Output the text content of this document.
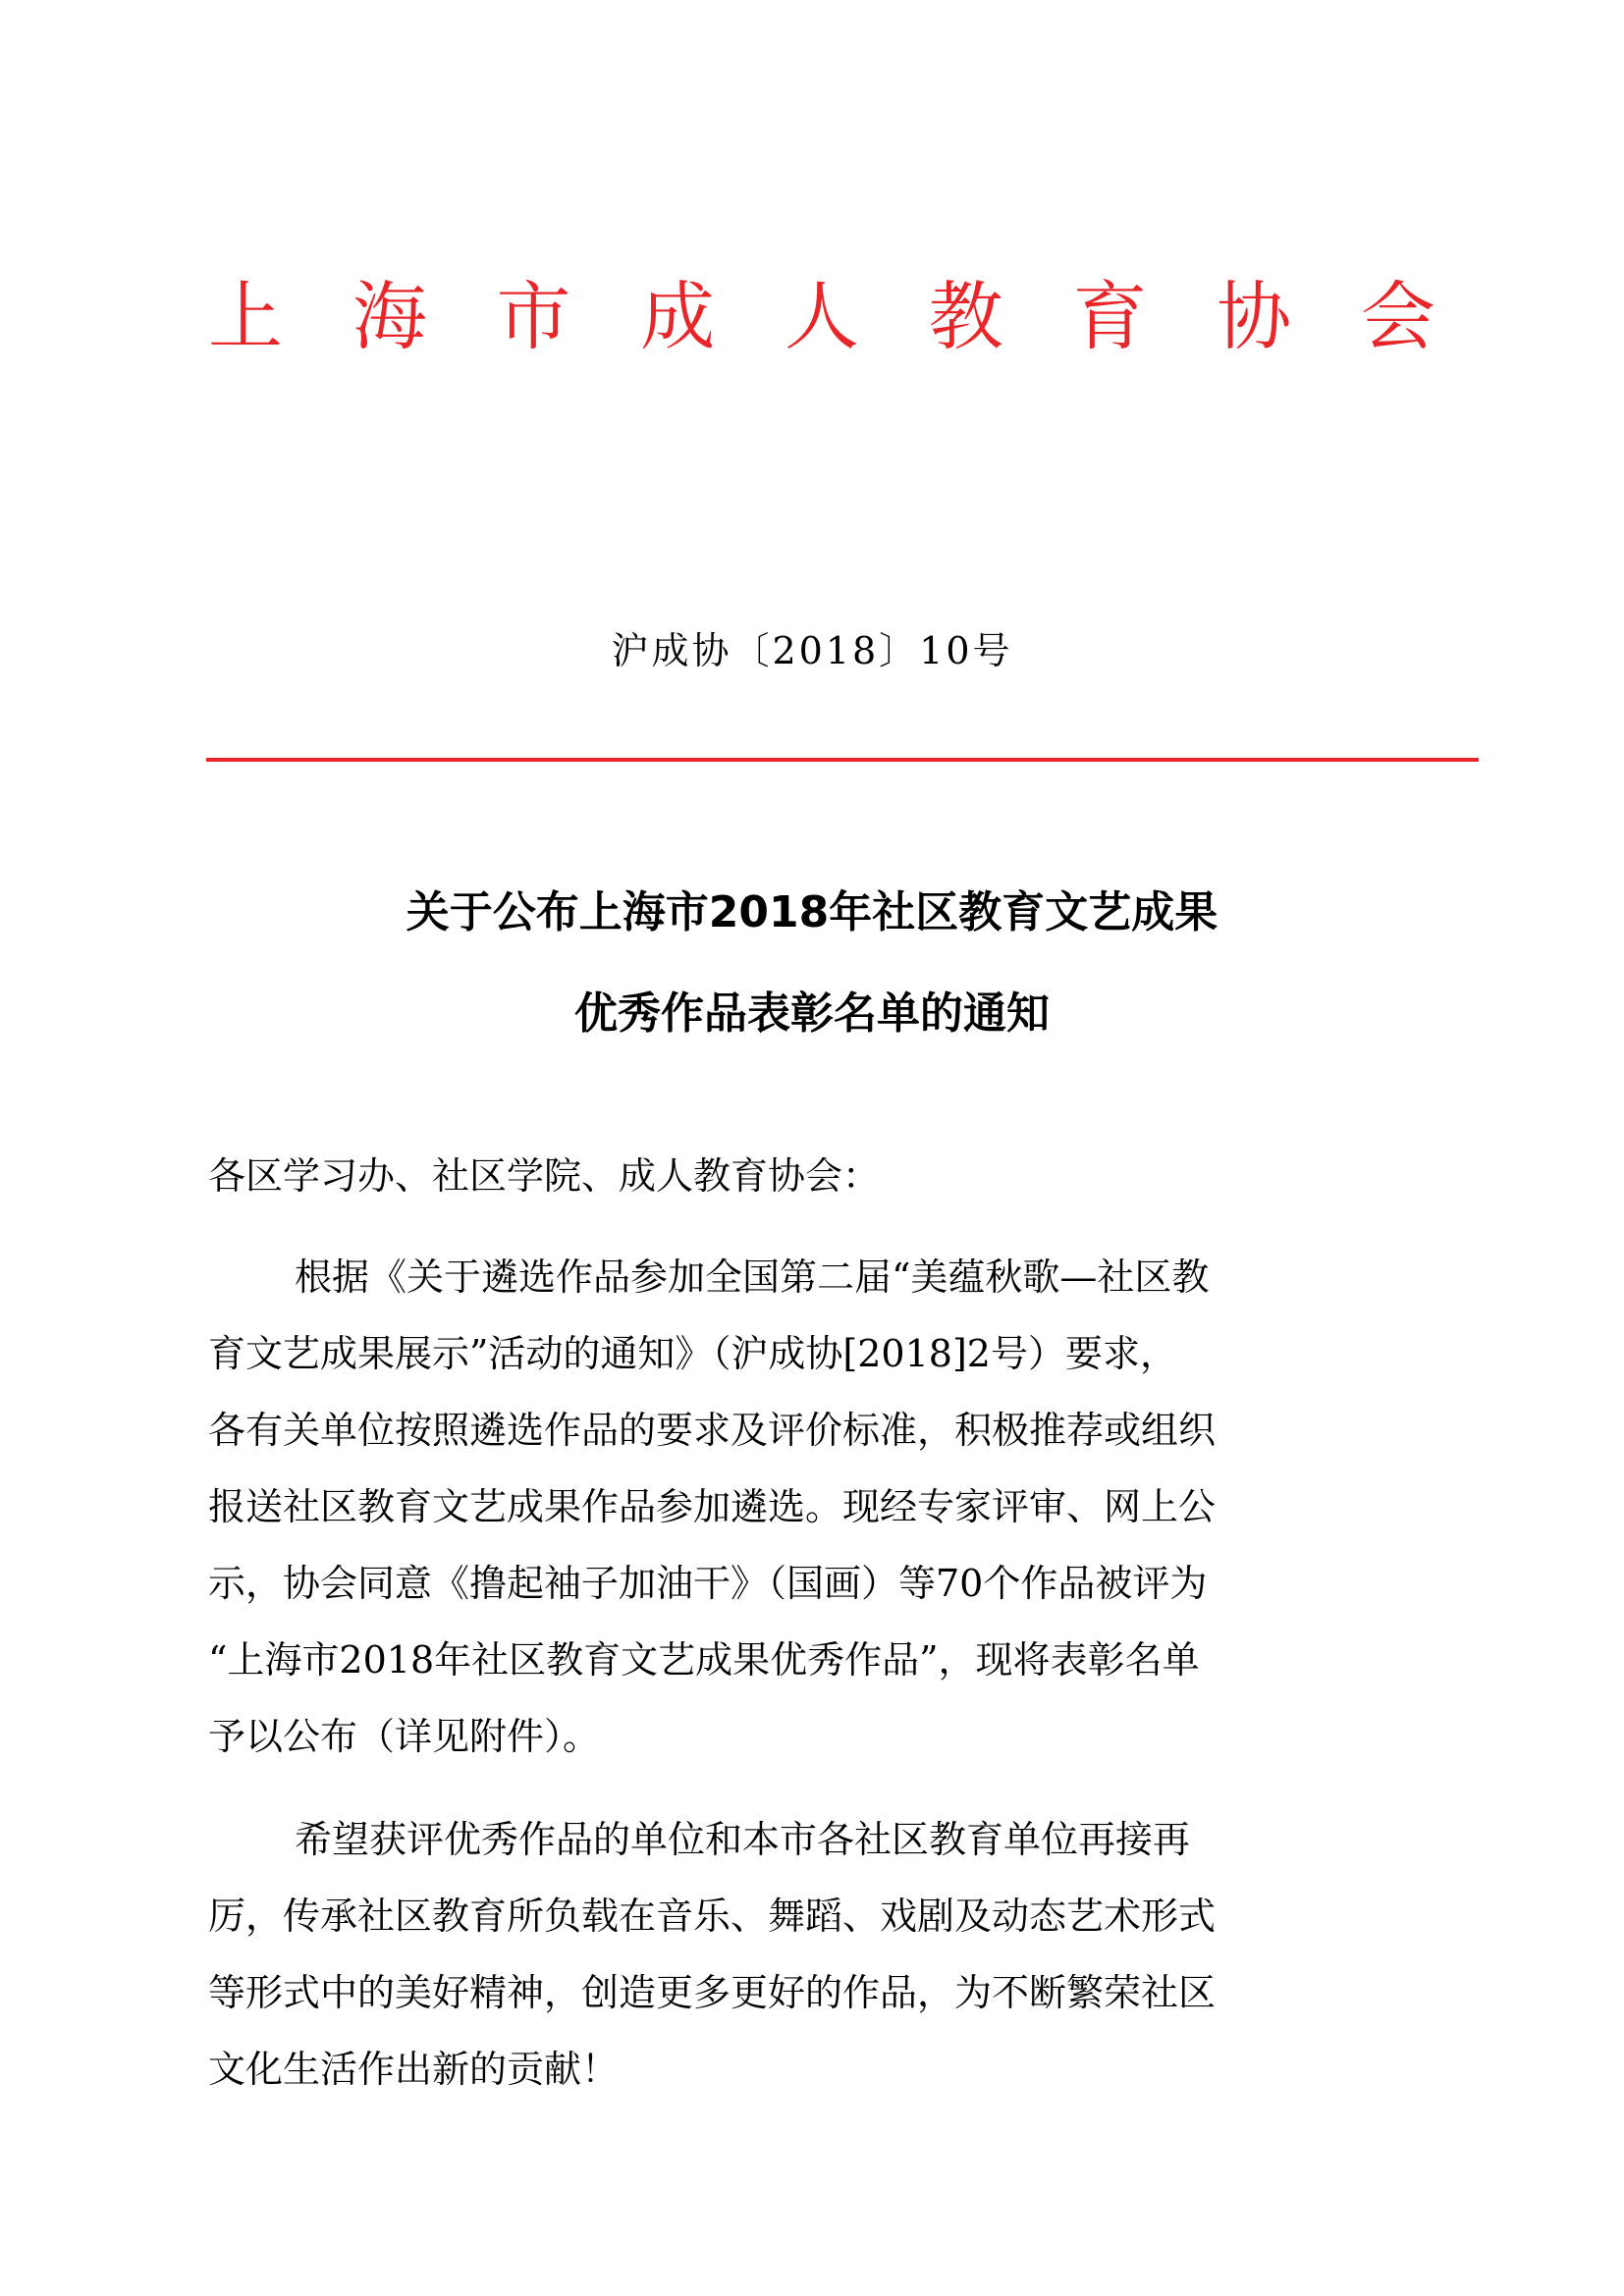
上 海 市 成 人 教 育 协 会
沪成协〔2018〕10号
关于公布上海市2018年社区教育文艺成果
优秀作品表彰名单的通知
各区学习办、社区学院、成人教育协会：
根据《关于遴选作品参加全国第二届“美蕴秋歌—社区教
育文艺成果展示”活动的通知》（沪成协[2018]2号）要求，
各有关单位按照遴选作品的要求及评价标准，积极推荐或组织
报送社区教育文艺成果作品参加遴选。现经专家评审、网上公
示，协会同意《撸起袖子加油干》（国画）等70个作品被评为
“上海市2018年社区教育文艺成果优秀作品”，现将表彰名单
予以公布（详见附件）。
希望获评优秀作品的单位和本市各社区教育单位再接再
厉，传承社区教育所负载在音乐、舞蹈、戏剧及动态艺术形式
等形式中的美好精神，创造更多更好的作品，为不断繁荣社区
文化生活作出新的贡献！
